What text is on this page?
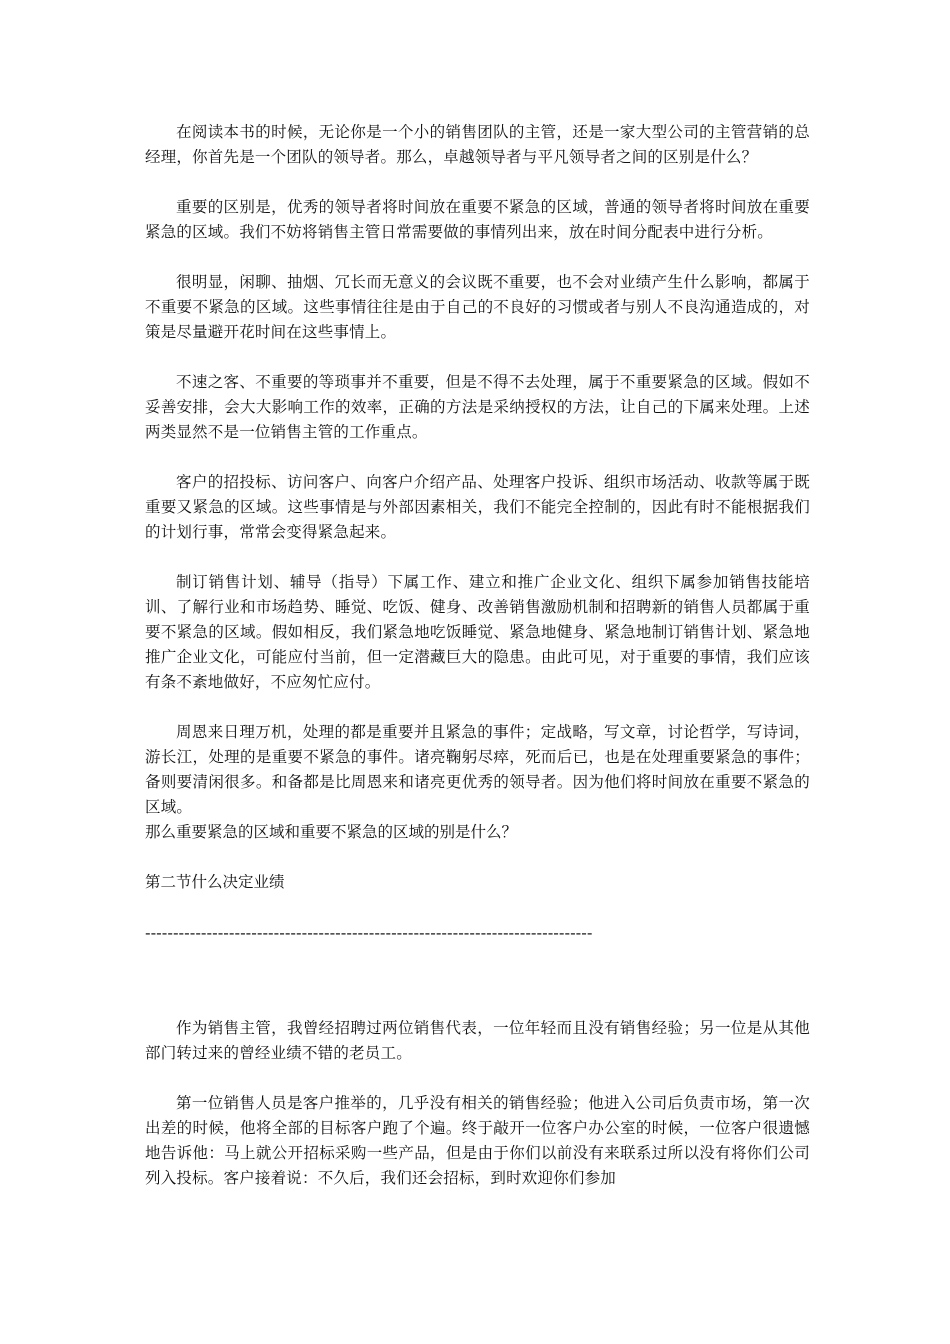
在阅读本书的时候，无论你是一个小的销售团队的主管，还是一家大型公司的主管营销的总经理，你首先是一个团队的领导者。那么，卓越领导者与平凡领导者之间的区别是什么？

重要的区别是，优秀的领导者将时间放在重要不紧急的区域，普通的领导者将时间放在重要紧急的区域。我们不妨将销售主管日常需要做的事情列出来，放在时间分配表中进行分析。

很明显，闲聊、抽烟、冗长而无意义的会议既不重要，也不会对业绩产生什么影响，都属于不重要不紧急的区域。这些事情往往是由于自己的不良好的习惯或者与别人不良沟通造成的，对策是尽量避开花时间在这些事情上。

不速之客、不重要的等琐事并不重要，但是不得不去处理，属于不重要紧急的区域。假如不妥善安排，会大大影响工作的效率，正确的方法是采纳授权的方法，让自己的下属来处理。上述两类显然不是一位销售主管的工作重点。

客户的招投标、访问客户、向客户介绍产品、处理客户投诉、组织市场活动、收款等属于既重要又紧急的区域。这些事情是与外部因素相关，我们不能完全控制的，因此有时不能根据我们的计划行事，常常会变得紧急起来。

制订销售计划、辅导（指导）下属工作、建立和推广企业文化、组织下属参加销售技能培训、了解行业和市场趋势、睡觉、吃饭、健身、改善销售激励机制和招聘新的销售人员都属于重要不紧急的区域。假如相反，我们紧急地吃饭睡觉、紧急地健身、紧急地制订销售计划、紧急地推广企业文化，可能应付当前，但一定潜藏巨大的隐患。由此可见，对于重要的事情，我们应该有条不紊地做好，不应匆忙应付。

周恩来日理万机，处理的都是重要并且紧急的事件；定战略，写文章，讨论哲学，写诗词，游长江，处理的是重要不紧急的事件。诸亮鞠躬尽瘁，死而后已，也是在处理重要紧急的事件；备则要清闲很多。和备都是比周恩来和诸亮更优秀的领导者。因为他们将时间放在重要不紧急的区域。

那么重要紧急的区域和重要不紧急的区域的别是什么？

第二节什么决定业绩

--------------------------------------------------------------------------------

作为销售主管，我曾经招聘过两位销售代表，一位年轻而且没有销售经验；另一位是从其他部门转过来的曾经业绩不错的老员工。

第一位销售人员是客户推举的，几乎没有相关的销售经验；他进入公司后负责市场，第一次出差的时候，他将全部的目标客户跑了个遍。终于敲开一位客户办公室的时候，一位客户很遗憾地告诉他：马上就公开招标采购一些产品，但是由于你们以前没有来联系过所以没有将你们公司列入投标。客户接着说：不久后，我们还会招标，到时欢迎你们参加
